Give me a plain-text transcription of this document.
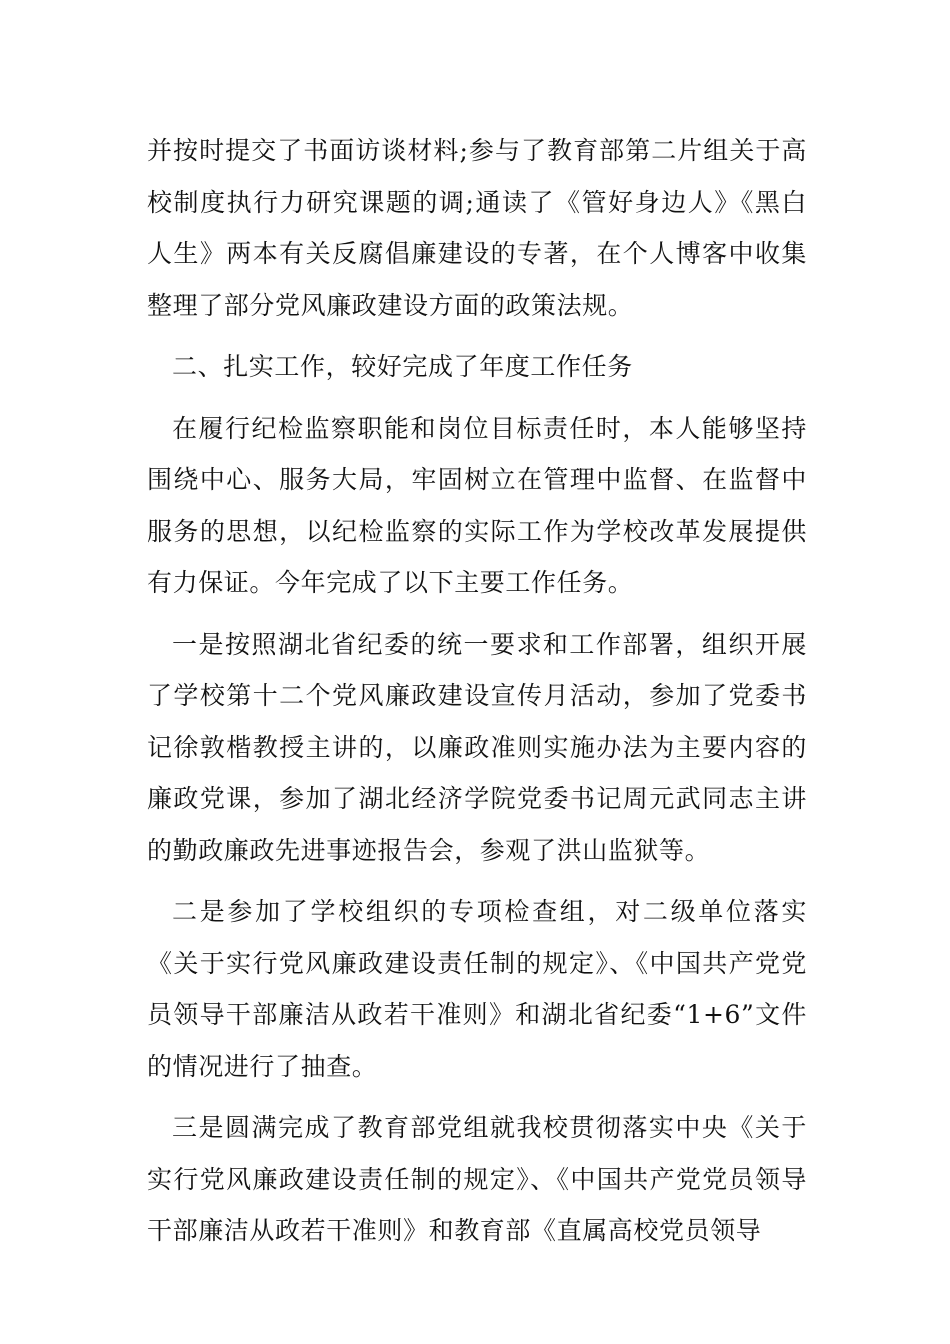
并按时提交了书面访谈材料;参与了教育部第二片组关于高校制度执行力研究课题的调;通读了《管好身边人》《黑白人生》两本有关反腐倡廉建设的专著，在个人博客中收集整理了部分党风廉政建设方面的政策法规。

二、扎实工作，较好完成了年度工作任务

在履行纪检监察职能和岗位目标责任时，本人能够坚持围绕中心、服务大局，牢固树立在管理中监督、在监督中服务的思想，以纪检监察的实际工作为学校改革发展提供有力保证。今年完成了以下主要工作任务。

一是按照湖北省纪委的统一要求和工作部署，组织开展了学校第十二个党风廉政建设宣传月活动，参加了党委书记徐敦楷教授主讲的，以廉政准则实施办法为主要内容的廉政党课，参加了湖北经济学院党委书记周元武同志主讲的勤政廉政先进事迹报告会，参观了洪山监狱等。

二是参加了学校组织的专项检查组，对二级单位落实《关于实行党风廉政建设责任制的规定》、《中国共产党党员领导干部廉洁从政若干准则》和湖北省纪委“1+6”文件的情况进行了抽查。

三是圆满完成了教育部党组就我校贯彻落实中央《关于实行党风廉政建设责任制的规定》、《中国共产党党员领导干部廉洁从政若干准则》和教育部《直属高校党员领导
